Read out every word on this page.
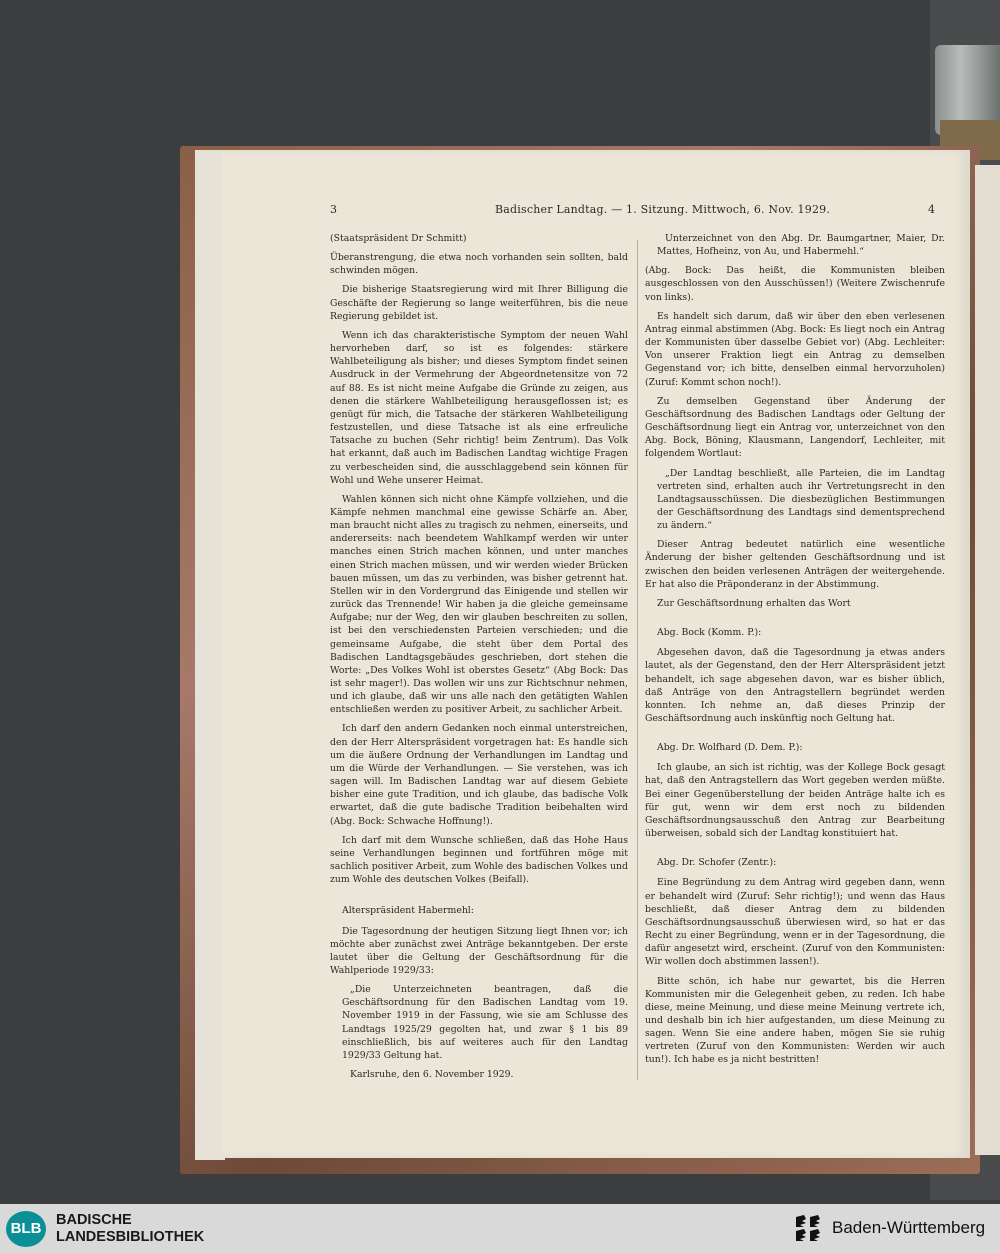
3	Badischer Landtag. — 1. Sitzung. Mittwoch, 6. Nov. 1929.	4

(Staatspräsident Dr Schmitt)

Überanstrengung, die etwa noch vorhanden sein sollten, bald schwinden mögen.

Die bisherige Staatsregierung wird mit Ihrer Billigung die Geschäfte der Regierung so lange weiterführen, bis die neue Regierung gebildet ist.

Wenn ich das charakteristische Symptom der neuen Wahl hervorheben darf, so ist es folgendes: stärkere Wahlbeteiligung als bisher; und dieses Symptom findet seinen Ausdruck in der Vermehrung der Abgeordnetensitze von 72 auf 88. Es ist nicht meine Aufgabe die Gründe zu zeigen, aus denen die stärkere Wahlbeteiligung herausgeflossen ist; es genügt für mich, die Tatsache der stärkeren Wahlbeteiligung festzustellen, und diese Tatsache ist als eine erfreuliche Tatsache zu buchen (Sehr richtig! beim Zentrum). Das Volk hat erkannt, daß auch im Badischen Landtag wichtige Fragen zu verbescheiden sind, die ausschlaggebend sein können für Wohl und Wehe unserer Heimat.

Wahlen können sich nicht ohne Kämpfe vollziehen, und die Kämpfe nehmen manchmal eine gewisse Schärfe an. Aber, man braucht nicht alles zu tragisch zu nehmen, einerseits, und andererseits: nach beendetem Wahlkampf werden wir unter manches einen Strich machen können, und unter manches einen Strich machen müssen, und wir werden wieder Brücken bauen müssen, um das zu verbinden, was bisher getrennt hat. Stellen wir in den Vordergrund das Einigende und stellen wir zurück das Trennende! Wir haben ja die gleiche gemeinsame Aufgabe; nur der Weg, den wir glauben beschreiten zu sollen, ist bei den verschiedensten Parteien verschieden; und die gemeinsame Aufgabe, die steht über dem Portal des Badischen Landtagsgebäudes geschrieben, dort stehen die Worte: „Des Volkes Wohl ist oberstes Gesetz“ (Abg Bock: Das ist sehr mager!). Das wollen wir uns zur Richtschnur nehmen, und ich glaube, daß wir uns alle nach den getätigten Wahlen entschließen werden zu positiver Arbeit, zu sachlicher Arbeit.

Ich darf den andern Gedanken noch einmal unterstreichen, den der Herr Alterspräsident vorgetragen hat: Es handle sich um die äußere Ordnung der Verhandlungen im Landtag und um die Würde der Verhandlungen. — Sie verstehen, was ich sagen will. Im Badischen Landtag war auf diesem Gebiete bisher eine gute Tradition, und ich glaube, das badische Volk erwartet, daß die gute badische Tradition beibehalten wird (Abg. Bock: Schwache Hoffnung!).

Ich darf mit dem Wunsche schließen, daß das Hohe Haus seine Verhandlungen beginnen und fortführen möge mit sachlich positiver Arbeit, zum Wohle des badischen Volkes und zum Wohle des deutschen Volkes (Beifall).

Alterspräsident Habermehl:

Die Tagesordnung der heutigen Sitzung liegt Ihnen vor; ich möchte aber zunächst zwei Anträge bekanntgeben. Der erste lautet über die Geltung der Geschäftsordnung für die Wahlperiode 1929/33:

„Die Unterzeichneten beantragen, daß die Geschäftsordnung für den Badischen Landtag vom 19. November 1919 in der Fassung, wie sie am Schlusse des Landtags 1925/29 gegolten hat, und zwar § 1 bis 89 einschließlich, bis auf weiteres auch für den Landtag 1929/33 Geltung hat.

Karlsruhe, den 6. November 1929.

Unterzeichnet von den Abg. Dr. Baumgartner, Maier, Dr. Mattes, Hofheinz, von Au, und Habermehl.“

(Abg. Bock: Das heißt, die Kommunisten bleiben ausgeschlossen von den Ausschüssen!) (Weitere Zwischenrufe von links).

Es handelt sich darum, daß wir über den eben verlesenen Antrag einmal abstimmen (Abg. Bock: Es liegt noch ein Antrag der Kommunisten über dasselbe Gebiet vor) (Abg. Lechleiter: Von unserer Fraktion liegt ein Antrag zu demselben Gegenstand vor; ich bitte, denselben einmal hervorzuholen) (Zuruf: Kommt schon noch!).

Zu demselben Gegenstand über Änderung der Geschäftsordnung des Badischen Landtags oder Geltung der Geschäftsordnung liegt ein Antrag vor, unterzeichnet von den Abg. Bock, Böning, Klausmann, Langendorf, Lechleiter, mit folgendem Wortlaut:

„Der Landtag beschließt, alle Parteien, die im Landtag vertreten sind, erhalten auch ihr Vertretungsrecht in den Landtagsausschüssen. Die diesbezüglichen Bestimmungen der Geschäftsordnung des Landtags sind dementsprechend zu ändern.“

Dieser Antrag bedeutet natürlich eine wesentliche Änderung der bisher geltenden Geschäftsordnung und ist zwischen den beiden verlesenen Anträgen der weitergehende. Er hat also die Präponderanz in der Abstimmung.

Zur Geschäftsordnung erhalten das Wort

Abg. Bock (Komm. P.):

Abgesehen davon, daß die Tagesordnung ja etwas anders lautet, als der Gegenstand, den der Herr Alterspräsident jetzt behandelt, ich sage abgesehen davon, war es bisher üblich, daß Anträge von den Antragstellern begründet werden konnten. Ich nehme an, daß dieses Prinzip der Geschäftsordnung auch inskünftig noch Geltung hat.

Abg. Dr. Wolfhard (D. Dem. P.):

Ich glaube, an sich ist richtig, was der Kollege Bock gesagt hat, daß den Antragstellern das Wort gegeben werden müßte. Bei einer Gegenüberstellung der beiden Anträge halte ich es für gut, wenn wir dem erst noch zu bildenden Geschäftsordnungsausschuß den Antrag zur Bearbeitung überweisen, sobald sich der Landtag konstituiert hat.

Abg. Dr. Schofer (Zentr.):

Eine Begründung zu dem Antrag wird gegeben dann, wenn er behandelt wird (Zuruf: Sehr richtig!); und wenn das Haus beschließt, daß dieser Antrag dem zu bildenden Geschäftsordnungsausschuß überwiesen wird, so hat er das Recht zu einer Begründung, wenn er in der Tagesordnung, die dafür angesetzt wird, erscheint. (Zuruf von den Kommunisten: Wir wollen doch abstimmen lassen!).

Bitte schön, ich habe nur gewartet, bis die Herren Kommunisten mir die Gelegenheit geben, zu reden. Ich habe diese, meine Meinung, und diese meine Meinung vertrete ich, und deshalb bin ich hier aufgestanden, um diese Meinung zu sagen. Wenn Sie eine andere haben, mögen Sie sie ruhig vertreten (Zuruf von den Kommunisten: Werden wir auch tun!). Ich habe es ja nicht bestritten!

BLB	BADISCHE
LANDESBIBLIOTHEK	Baden-Württemberg
